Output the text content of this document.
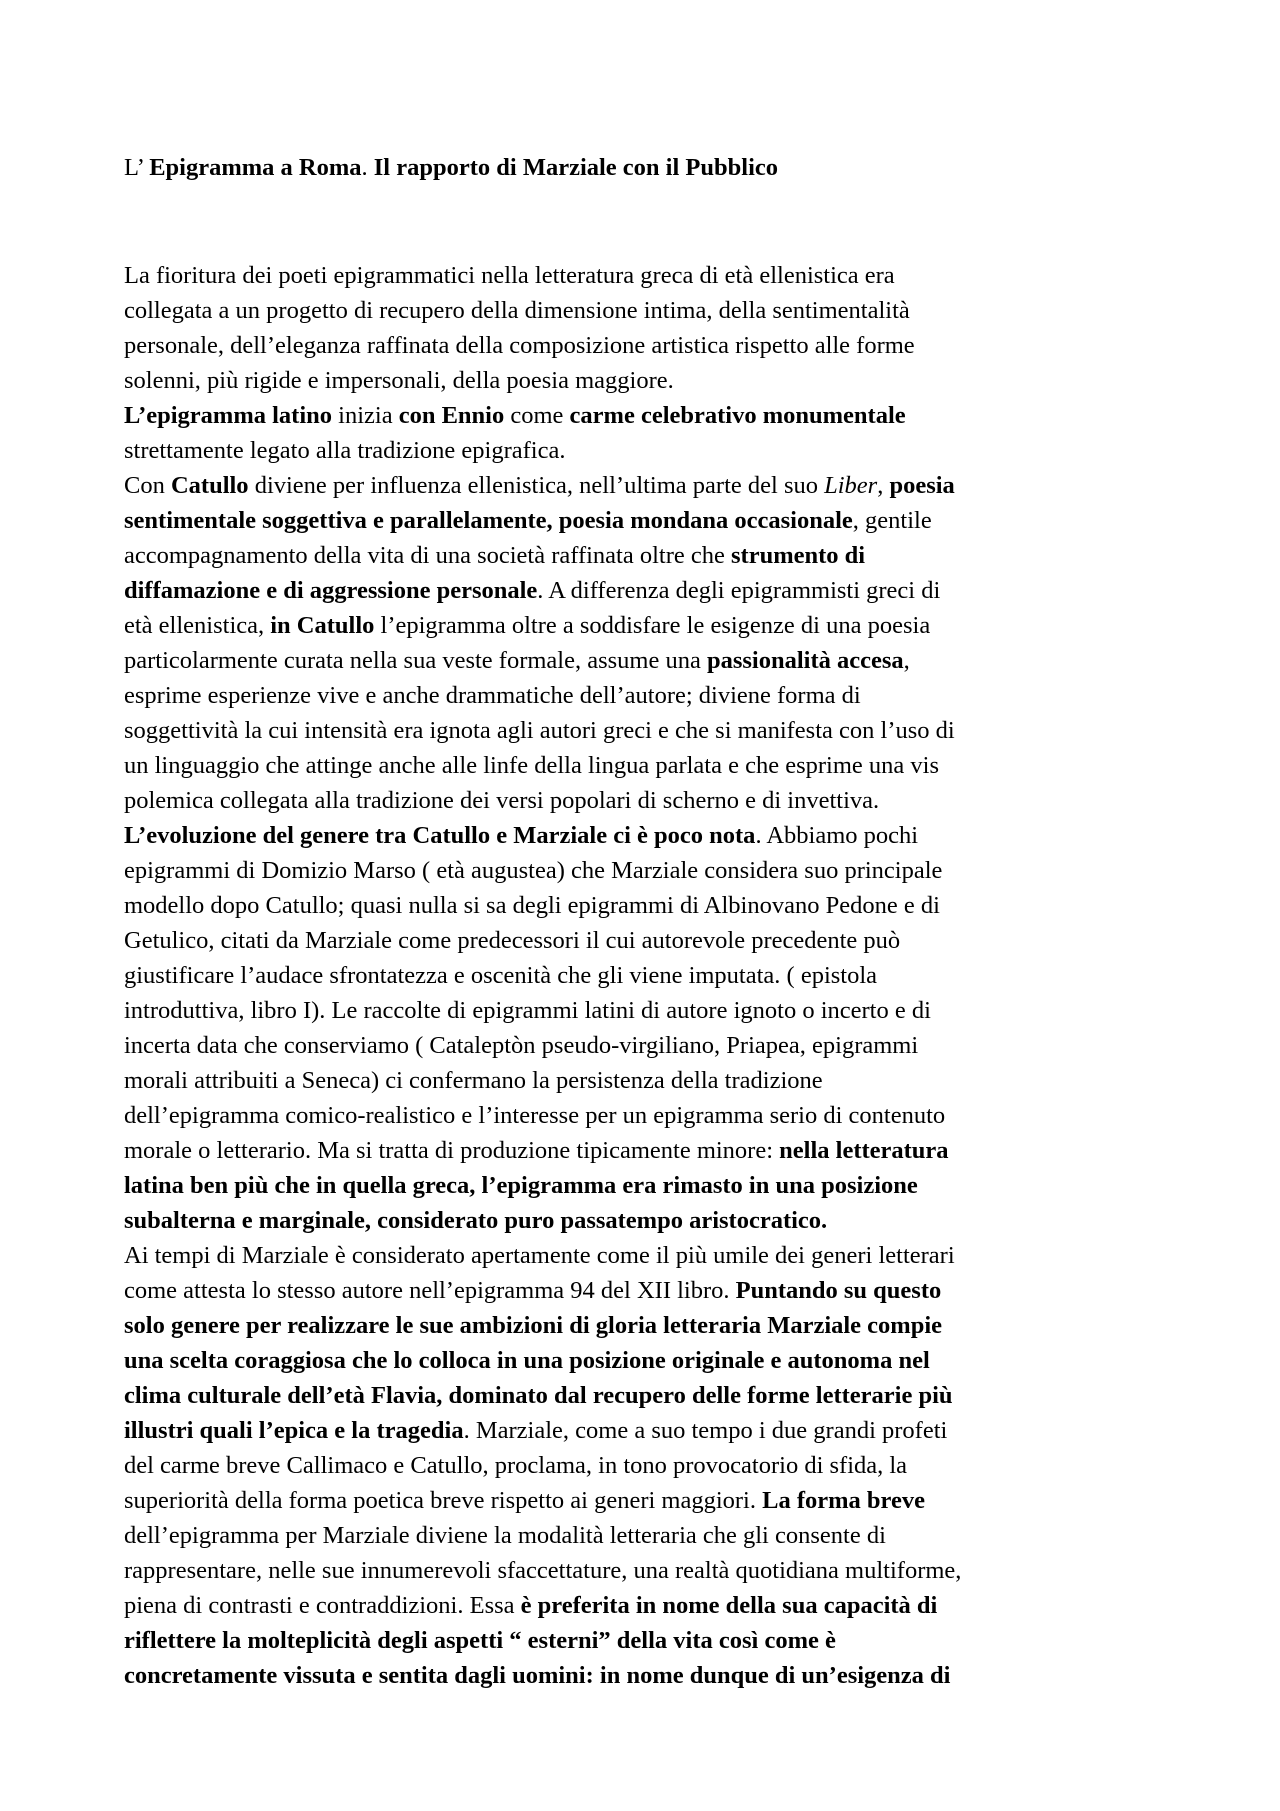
L’ Epigramma a Roma. Il rapporto di Marziale con il Pubblico
La fioritura dei poeti epigrammatici nella letteratura greca di età ellenistica era
collegata a un progetto di recupero della dimensione intima, della sentimentalità
personale, dell’eleganza raffinata della composizione artistica rispetto alle forme
solenni, più rigide e impersonali, della poesia maggiore.
L’epigramma latino inizia con Ennio come carme celebrativo monumentale
strettamente legato alla tradizione epigrafica.
Con Catullo diviene per influenza ellenistica, nell’ultima parte del suo Liber, poesia
sentimentale soggettiva e parallelamente, poesia mondana occasionale, gentile
accompagnamento della vita di una società raffinata oltre che strumento di
diffamazione e di aggressione personale. A differenza degli epigrammisti greci di
età ellenistica, in Catullo l’epigramma oltre a soddisfare le esigenze di una poesia
particolarmente curata nella sua veste formale, assume una passionalità accesa,
esprime esperienze vive e anche drammatiche dell’autore; diviene forma di
soggettività la cui intensità era ignota agli autori greci e che si manifesta con l’uso di
un linguaggio che attinge anche alle linfe della lingua parlata e che esprime una vis
polemica collegata alla tradizione dei versi popolari di scherno e di invettiva.
L’evoluzione del genere tra Catullo e Marziale ci è poco nota. Abbiamo pochi
epigrammi di Domizio Marso ( età augustea) che Marziale considera suo principale
modello dopo Catullo; quasi nulla si sa degli epigrammi di Albinovano Pedone e di
Getulico, citati da Marziale come predecessori il cui autorevole precedente può
giustificare l’audace sfrontatezza e oscenità che gli viene imputata. ( epistola
introduttiva, libro I). Le raccolte di epigrammi latini di autore ignoto o incerto e di
incerta data che conserviamo ( Cataleptòn pseudo-virgiliano, Priapea, epigrammi
morali attribuiti a Seneca) ci confermano la persistenza della tradizione
dell’epigramma comico-realistico e l’interesse per un epigramma serio di contenuto
morale o letterario. Ma si tratta di produzione tipicamente minore: nella letteratura
latina ben più che in quella greca, l’epigramma era rimasto in una posizione
subalterna e marginale, considerato puro passatempo aristocratico.
Ai tempi di Marziale è considerato apertamente come il più umile dei generi letterari
come attesta lo stesso autore nell’epigramma 94 del XII libro. Puntando su questo
solo genere per realizzare le sue ambizioni di gloria letteraria Marziale compie
una scelta coraggiosa che lo colloca in una posizione originale e autonoma nel
clima culturale dell’età Flavia, dominato dal recupero delle forme letterarie più
illustri quali l’epica e la tragedia. Marziale, come a suo tempo i due grandi profeti
del carme breve Callimaco e Catullo, proclama, in tono provocatorio di sfida, la
superiorità della forma poetica breve rispetto ai generi maggiori. La forma breve
dell’epigramma per Marziale diviene la modalità letteraria che gli consente di
rappresentare, nelle sue innumerevoli sfaccettature, una realtà quotidiana multiforme,
piena di contrasti e contraddizioni. Essa è preferita in nome della sua capacità di
riflettere la molteplicità degli aspetti “ esterni” della vita così come è
concretamente vissuta e sentita dagli uomini: in nome dunque di un’esigenza di
